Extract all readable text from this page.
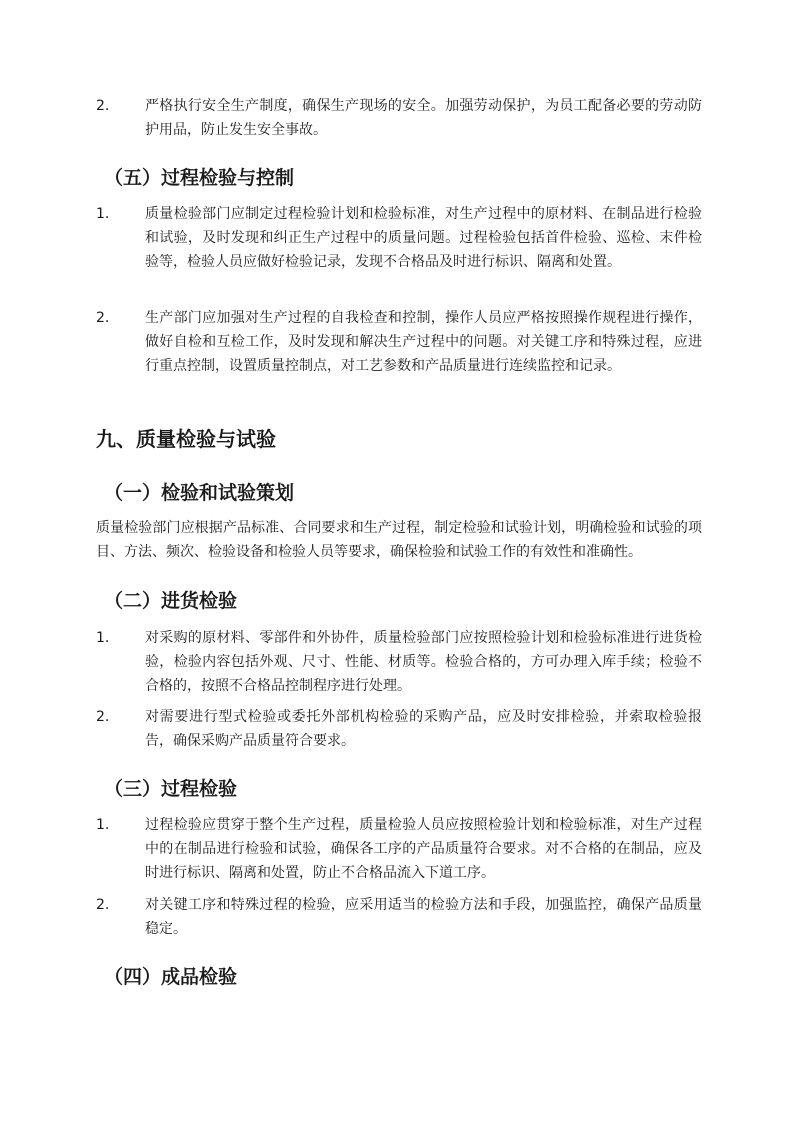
2.	严格执行安全生产制度，确保生产现场的安全。加强劳动保护，为员工配备必要的劳动防护用品，防止发生安全事故。
（五）过程检验与控制
1.	质量检验部门应制定过程检验计划和检验标准，对生产过程中的原材料、在制品进行检验和试验，及时发现和纠正生产过程中的质量问题。过程检验包括首件检验、巡检、末件检验等，检验人员应做好检验记录，发现不合格品及时进行标识、隔离和处置。
2.	生产部门应加强对生产过程的自我检查和控制，操作人员应严格按照操作规程进行操作，做好自检和互检工作，及时发现和解决生产过程中的问题。对关键工序和特殊过程，应进行重点控制，设置质量控制点，对工艺参数和产品质量进行连续监控和记录。
九、质量检验与试验
（一）检验和试验策划
质量检验部门应根据产品标准、合同要求和生产过程，制定检验和试验计划，明确检验和试验的项目、方法、频次、检验设备和检验人员等要求，确保检验和试验工作的有效性和准确性。
（二）进货检验
1.	对采购的原材料、零部件和外协件，质量检验部门应按照检验计划和检验标准进行进货检验，检验内容包括外观、尺寸、性能、材质等。检验合格的，方可办理入库手续；检验不合格的，按照不合格品控制程序进行处理。
2.	对需要进行型式检验或委托外部机构检验的采购产品，应及时安排检验，并索取检验报告，确保采购产品质量符合要求。
（三）过程检验
1.	过程检验应贯穿于整个生产过程，质量检验人员应按照检验计划和检验标准，对生产过程中的在制品进行检验和试验，确保各工序的产品质量符合要求。对不合格的在制品，应及时进行标识、隔离和处置，防止不合格品流入下道工序。
2.	对关键工序和特殊过程的检验，应采用适当的检验方法和手段，加强监控，确保产品质量稳定。
（四）成品检验
